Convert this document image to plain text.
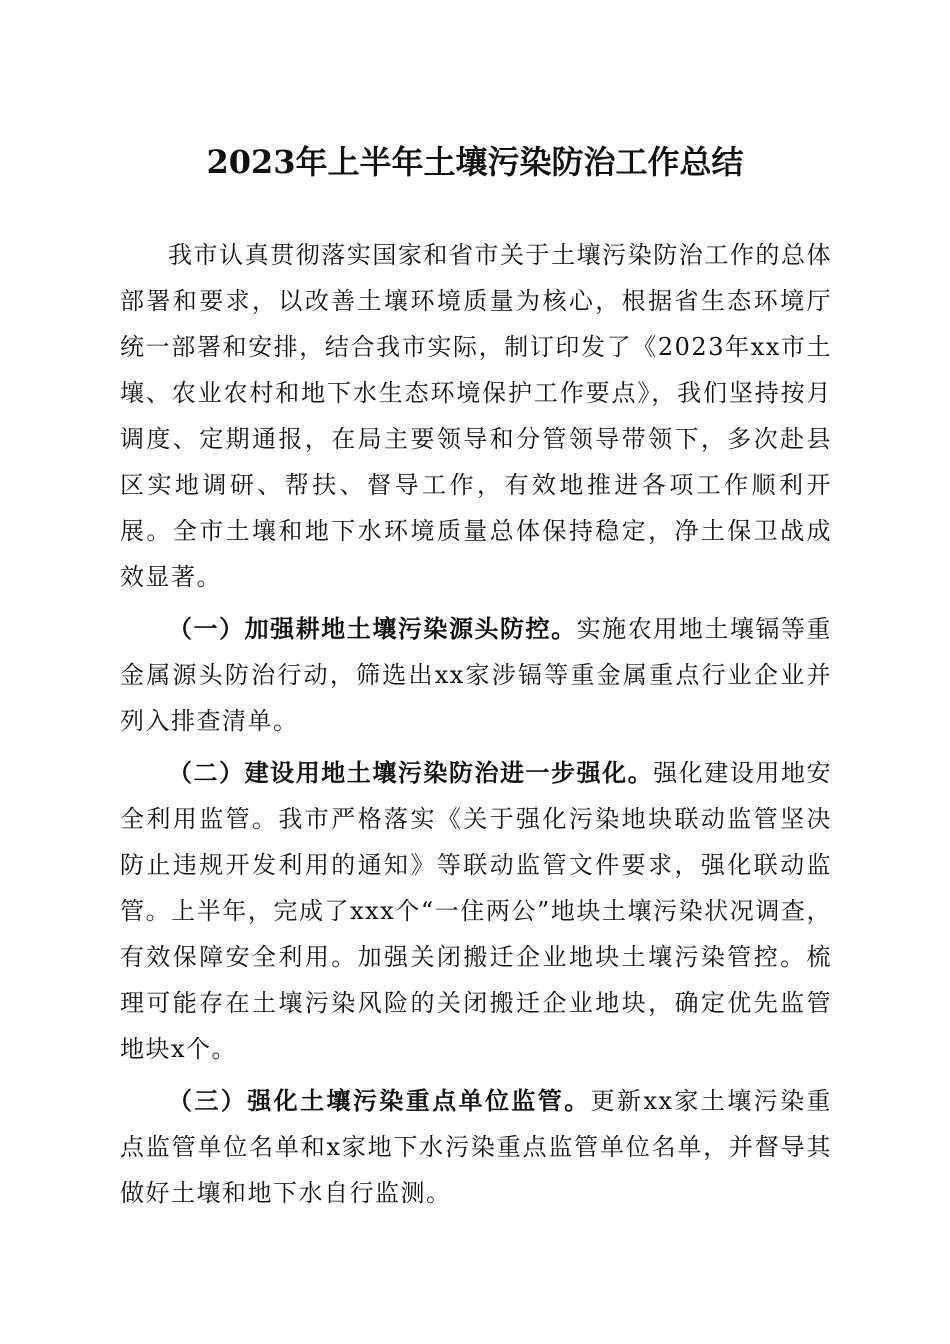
2023年上半年土壤污染防治工作总结

我市认真贯彻落实国家和省市关于土壤污染防治工作的总体部署和要求，以改善土壤环境质量为核心，根据省生态环境厅统一部署和安排，结合我市实际，制订印发了《2023年xx市土壤、农业农村和地下水生态环境保护工作要点》，我们坚持按月调度、定期通报，在局主要领导和分管领导带领下，多次赴县区实地调研、帮扶、督导工作，有效地推进各项工作顺利开展。全市土壤和地下水环境质量总体保持稳定，净土保卫战成效显著。

（一）加强耕地土壤污染源头防控。实施农用地土壤镉等重金属源头防治行动，筛选出xx家涉镉等重金属重点行业企业并列入排查清单。

（二）建设用地土壤污染防治进一步强化。强化建设用地安全利用监管。我市严格落实《关于强化污染地块联动监管坚决防止违规开发利用的通知》等联动监管文件要求，强化联动监管。上半年，完成了xxx个“一住两公”地块土壤污染状况调查，有效保障安全利用。加强关闭搬迁企业地块土壤污染管控。梳理可能存在土壤污染风险的关闭搬迁企业地块，确定优先监管地块x个。

（三）强化土壤污染重点单位监管。更新xx家土壤污染重点监管单位名单和x家地下水污染重点监管单位名单，并督导其做好土壤和地下水自行监测。
